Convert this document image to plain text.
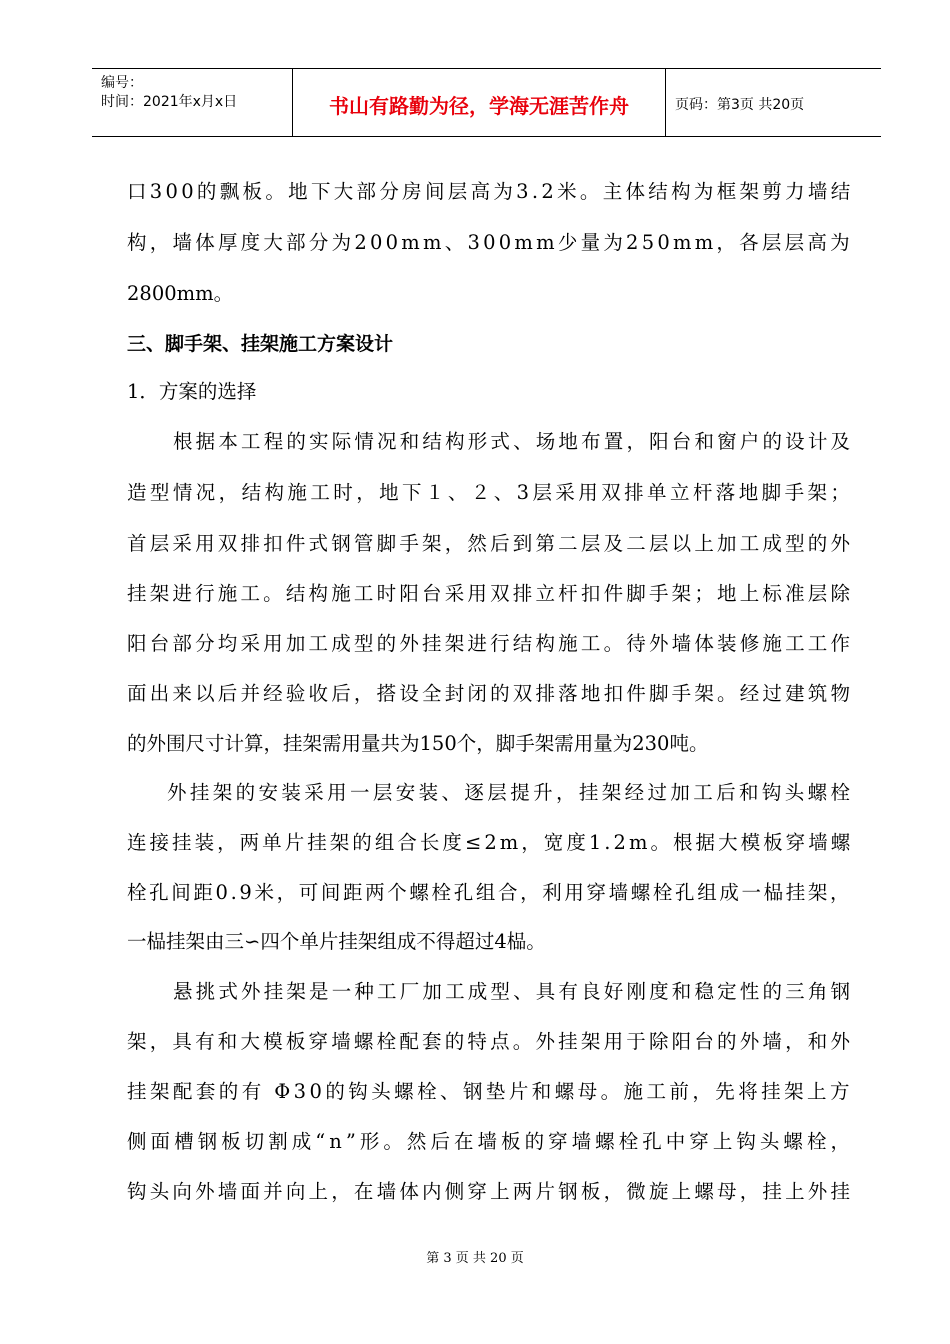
编号：
时间：2021年x月x日	书山有路勤为径，学海无涯苦作舟	页码：第3页 共20页
口300的飘板。地下大部分房间层高为3.2米。主体结构为框架剪力墙结
构，墙体厚度大部分为200mm、300mm少量为250mm，各层层高为
2800mm。
三、脚手架、挂架施工方案设计
1．方案的选择
根据本工程的实际情况和结构形式、场地布置，阳台和窗户的设计及
造型情况，结构施工时，地下１、２、3层采用双排单立杆落地脚手架；
首层采用双排扣件式钢管脚手架，然后到第二层及二层以上加工成型的外
挂架进行施工。结构施工时阳台采用双排立杆扣件脚手架；地上标准层除
阳台部分均采用加工成型的外挂架进行结构施工。待外墙体装修施工工作
面出来以后并经验收后，搭设全封闭的双排落地扣件脚手架。经过建筑物
的外围尺寸计算，挂架需用量共为150个，脚手架需用量为230吨。
外挂架的安装采用一层安装、逐层提升，挂架经过加工后和钩头螺栓
连接挂装，两单片挂架的组合长度≤2m，宽度1.2m。根据大模板穿墙螺
栓孔间距0.9米，可间距两个螺栓孔组合，利用穿墙螺栓孔组成一榀挂架，
一榀挂架由三∽四个单片挂架组成不得超过4榀。
悬挑式外挂架是一种工厂加工成型、具有良好刚度和稳定性的三角钢
架，具有和大模板穿墙螺栓配套的特点。外挂架用于除阳台的外墙，和外
挂架配套的有 Φ30的钩头螺栓、钢垫片和螺母。施工前，先将挂架上方
侧面槽钢板切割成“n”形。然后在墙板的穿墙螺栓孔中穿上钩头螺栓，
钩头向外墙面并向上，在墙体内侧穿上两片钢板，微旋上螺母，挂上外挂
第 3 页 共 20 页
